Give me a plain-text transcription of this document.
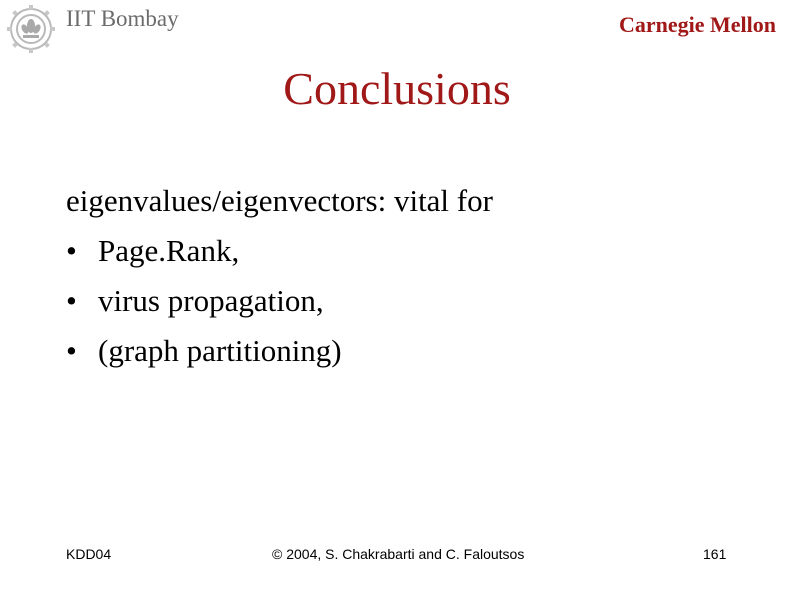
IIT Bombay	Carnegie Mellon
Conclusions
eigenvalues/eigenvectors: vital for
• Page.Rank,
• virus propagation,
• (graph partitioning)
KDD04	© 2004, S. Chakrabarti and C. Faloutsos	161
